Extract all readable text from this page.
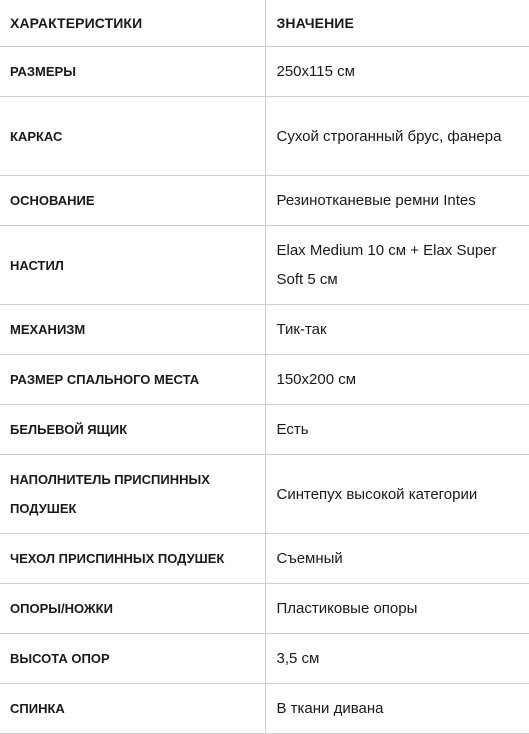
ХАРАКТЕРИСТИКИ	ЗНАЧЕНИЕ
РАЗМЕРЫ	250x115 см
КАРКАС	Сухой строганный брус, фанера
ОСНОВАНИЕ	Резинотканевые ремни Intes
НАСТИЛ	Elax Medium 10 см + Elax Super Soft 5 см
МЕХАНИЗМ	Тик-так
РАЗМЕР СПАЛЬНОГО МЕСТА	150x200 см
БЕЛЬЕВОЙ ЯЩИК	Есть
НАПОЛНИТЕЛЬ ПРИСПИННЫХ ПОДУШЕК	Синтепух высокой категории
ЧЕХОЛ ПРИСПИННЫХ ПОДУШЕК	Съемный
ОПОРЫ/НОЖКИ	Пластиковые опоры
ВЫСОТА ОПОР	3,5 см
СПИНКА	В ткани дивана
